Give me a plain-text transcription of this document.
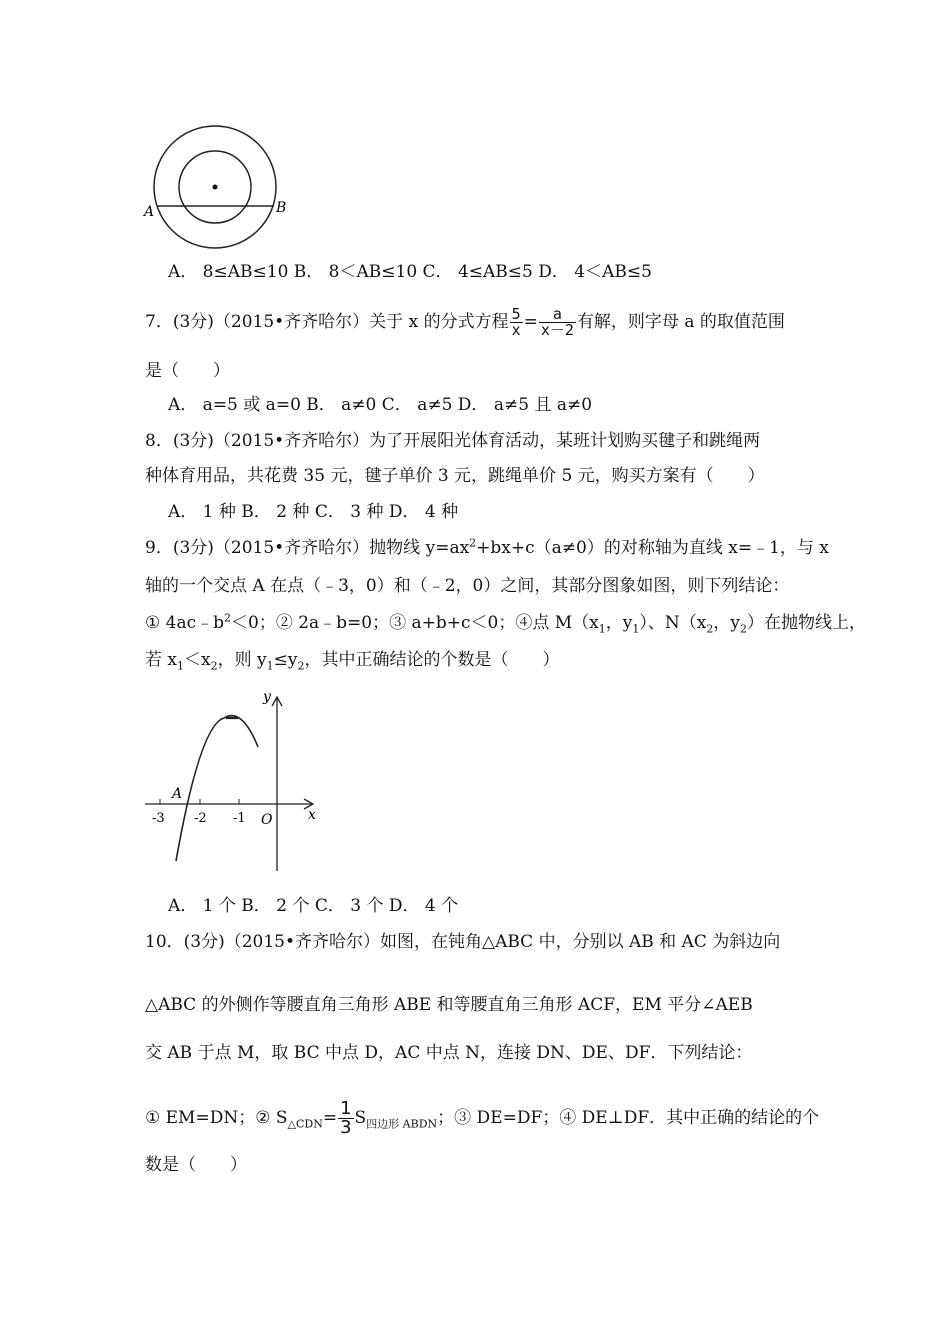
A	B
A． 8≤AB≤10 B． 8＜AB≤10 C． 4≤AB≤5 D． 4＜AB≤5
7．(3分)（2015•齐齐哈尔）关于 x 的分式方程 $\frac{5}{x} = \frac{a}{x-2}$ 有解，则字母 a 的取值范围
是（　　）
A． a=5 或 a=0 B． a≠0 C． a≠5 D． a≠5 且 a≠0
8．(3分)（2015•齐齐哈尔）为了开展阳光体育活动，某班计划购买毽子和跳绳两
种体育用品，共花费 35 元，毽子单价 3 元，跳绳单价 5 元，购买方案有（　　）
A． 1 种 B． 2 种 C． 3 种 D． 4 种
9．(3分)（2015•齐齐哈尔）抛物线 $y=ax^2+bx+c(a\ne 0)$的对称轴为直线 x=﹣1，与 x
轴的一个交点 A 在点（﹣3，0）和（﹣2，0）之间，其部分图象如图，则下列结论：
① $4ac﹣b^2<0$；② 2a﹣b=0；③ a+b+c＜0；④点 $M(x_1$，$y_1$）、$N(x_2$，$y_2$）在抛物线上，
若 $x_1<x_2$，则 $y_1\le y_2$，其中正确结论的个数是（　　）
y
x
O
A
-3 -2 -1
A． 1 个 B． 2 个 C． 3 个 D． 4 个
10．(3分)（2015•齐齐哈尔）如图，在钝角△ABC 中，分别以 AB 和 AC 为斜边向
△ABC 的外侧作等腰直角三角形 ABE 和等腰直角三角形 ACF，EM 平分∠AEB
交 AB 于点 M，取 BC 中点 D，AC 中点 N，连接 DN、DE、DF．下列结论：
① EM=DN；② $S_{\triangle CDN}= \frac{1}{3} S_{四边形 ABDN}$；③ DE=DF；④ DE⊥DF．其中正确的结论的个
数是（　　）
